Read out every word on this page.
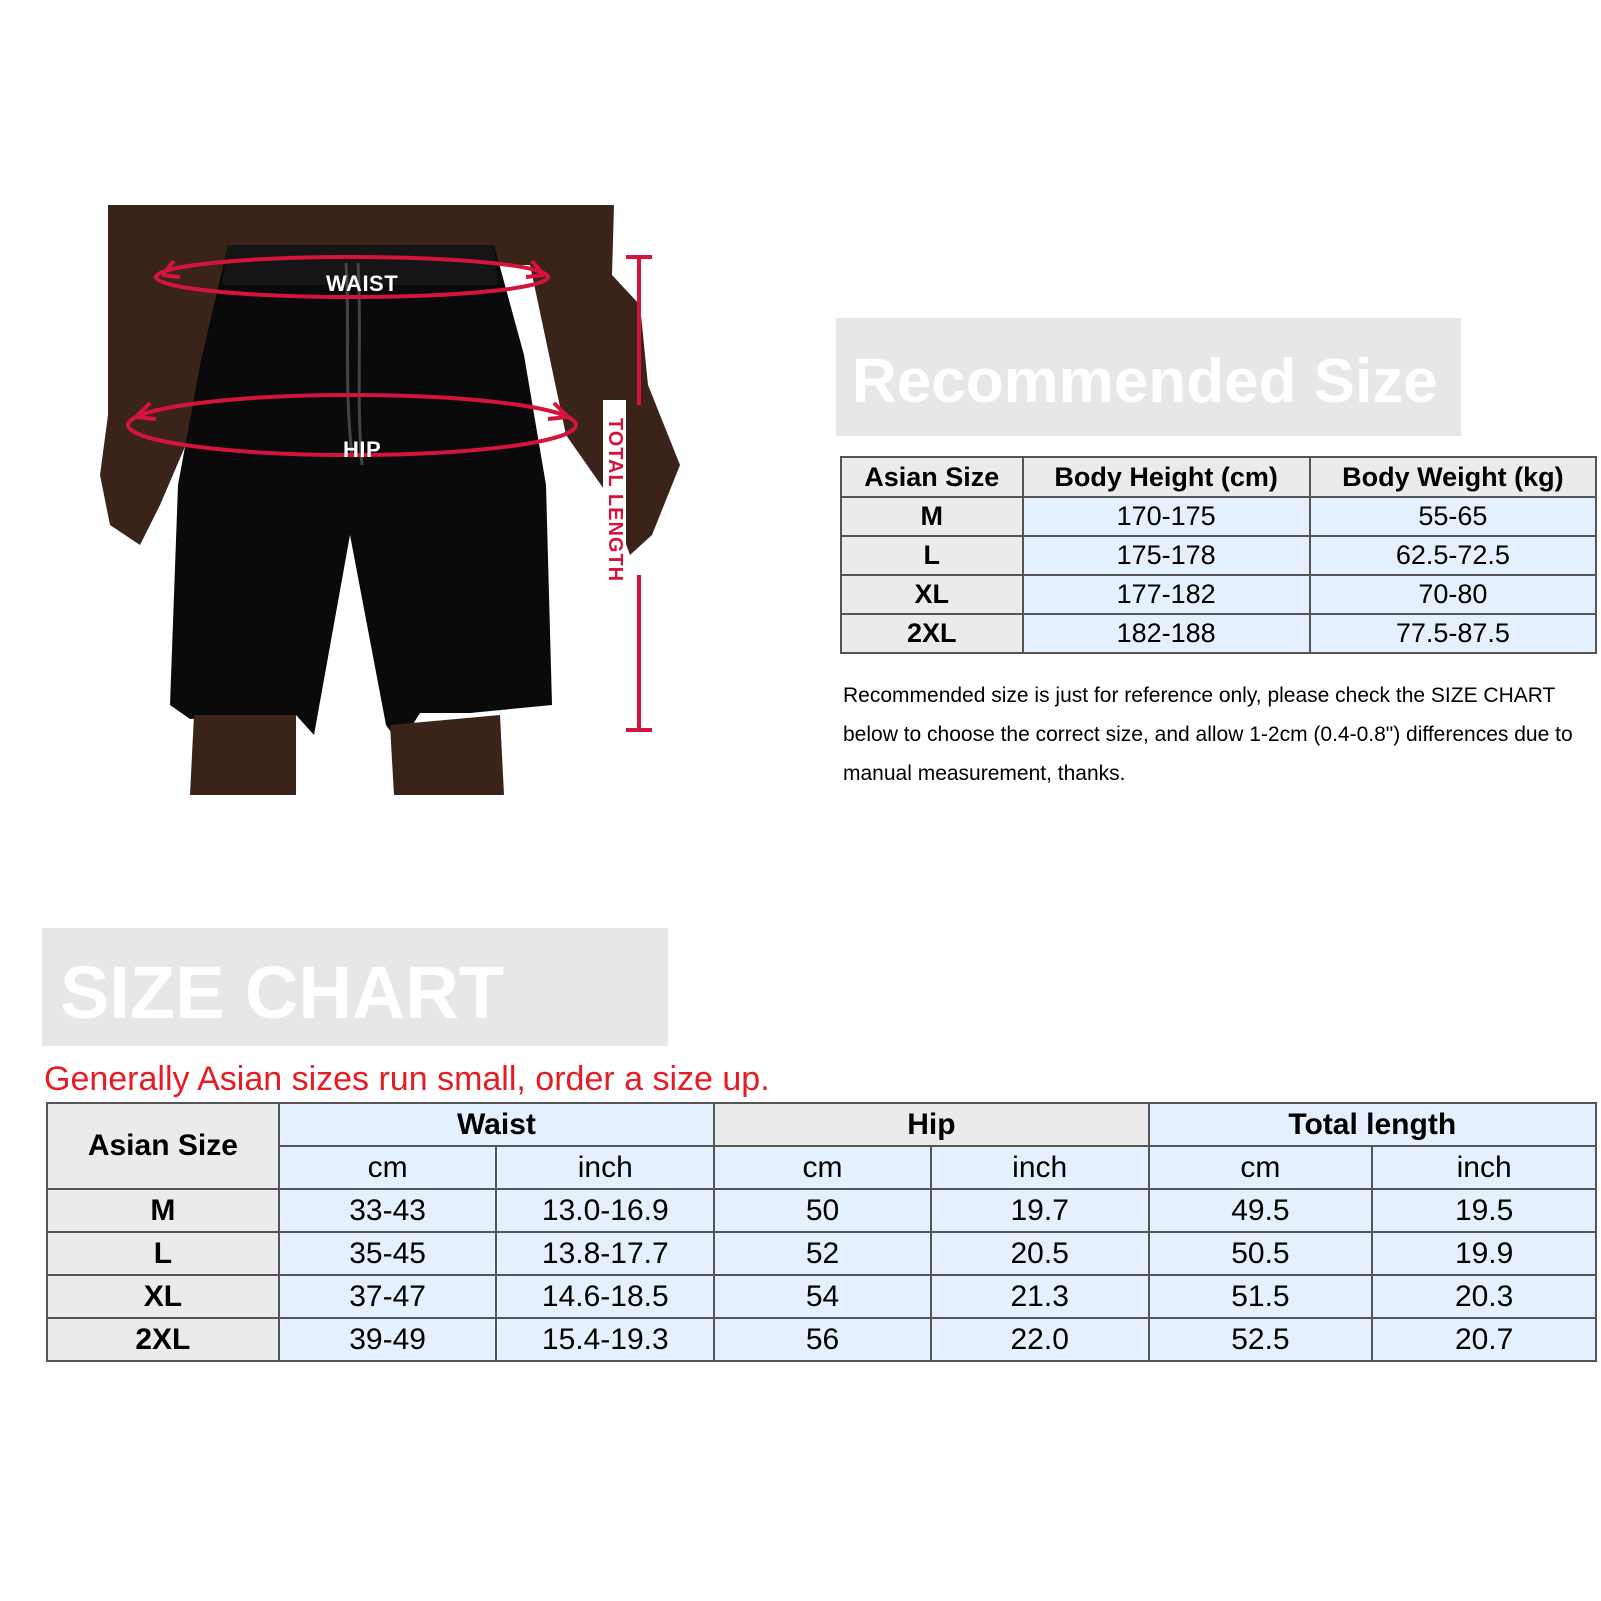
WAIST
HIP	TOTAL LENGTH
Recommended Size
Asian Size	Body Height (cm)	Body Weight (kg)
M	170-175	55-65
L	175-178	62.5-72.5
XL	177-182	70-80
2XL	182-188	77.5-87.5
Recommended size is just for reference only, please check the SIZE CHART below to choose the correct size, and allow 1-2cm (0.4-0.8") differences due to manual measurement, thanks.
SIZE CHART
Generally Asian sizes run small, order a size up.
Asian Size	Waist		Hip		Total length	
	cm	inch	cm	inch	cm	inch
M	33-43	13.0-16.9	50	19.7	49.5	19.5
L	35-45	13.8-17.7	52	20.5	50.5	19.9
XL	37-47	14.6-18.5	54	21.3	51.5	20.3
2XL	39-49	15.4-19.3	56	22.0	52.5	20.7
